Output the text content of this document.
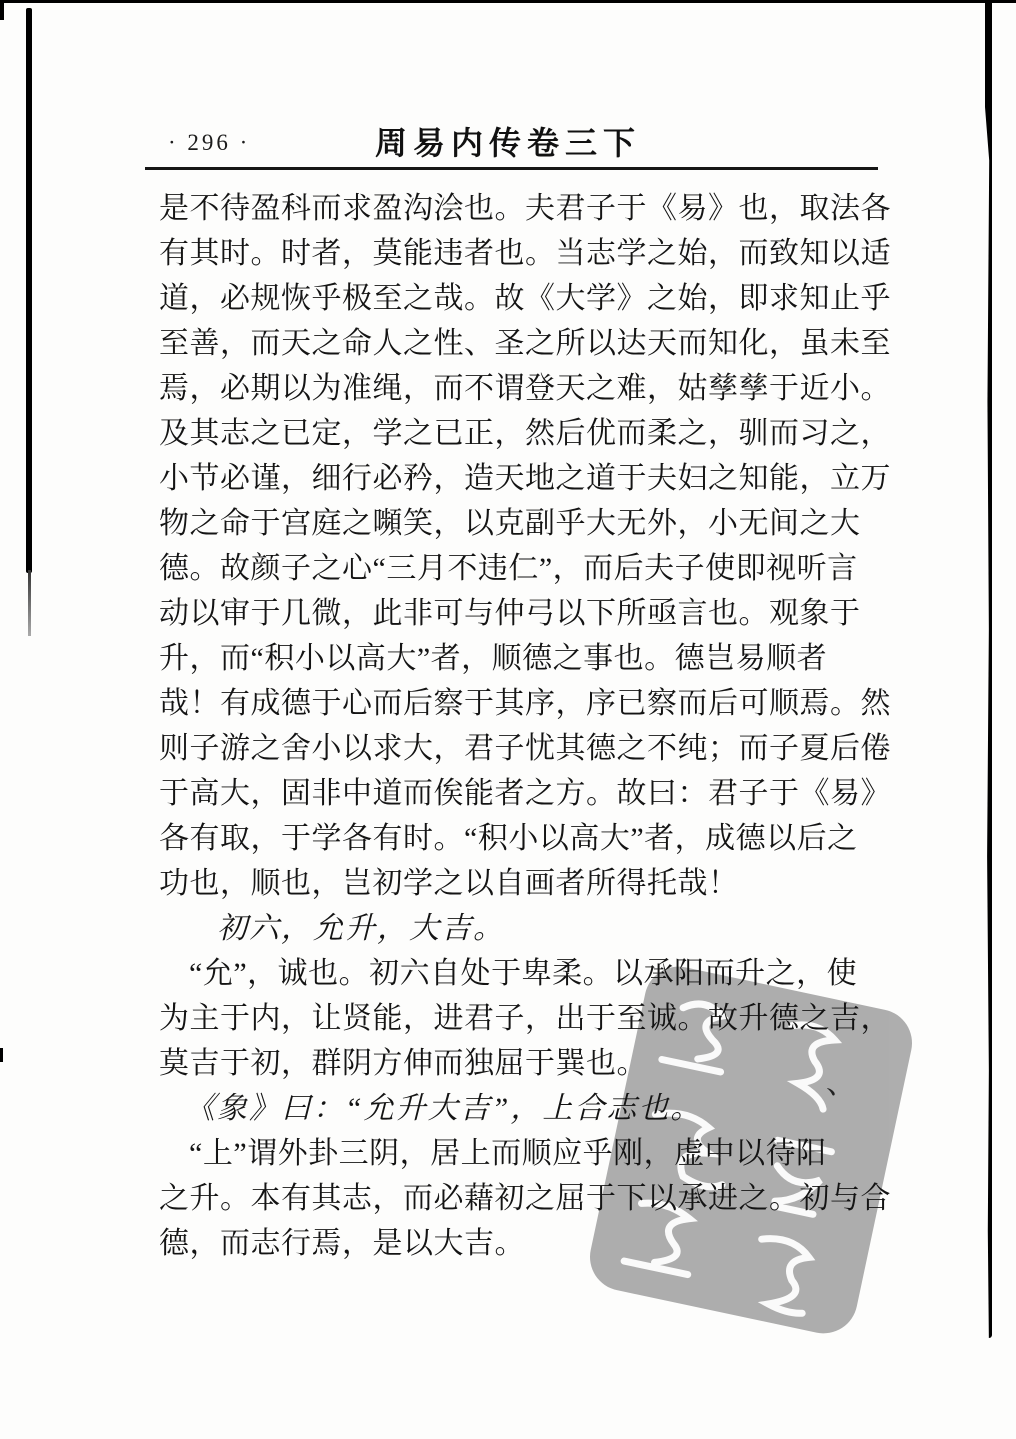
· 296 ·	周易内传卷三下
是不待盈科而求盈沟浍也。夫君子于《易》也，取法各
有其时。时者，莫能违者也。当志学之始，而致知以适
道，必规恢乎极至之哉。故《大学》之始，即求知止乎
至善，而天之命人之性、圣之所以达天而知化，虽未至
焉，必期以为准绳，而不谓登天之难，姑孳孳于近小。
及其志之已定，学之已正，然后优而柔之，驯而习之，
小节必谨，细行必矜，造天地之道于夫妇之知能，立万
物之命于宫庭之嚬笑，以克副乎大无外，小无间之大
德。故颜子之心“三月不违仁”，而后夫子使即视听言
动以审于几微，此非可与仲弓以下所亟言也。观象于
升，而“积小以高大”者，顺德之事也。德岂易顺者
哉！有成德于心而后察于其序，序已察而后可顺焉。然
则子游之舍小以求大，君子忧其德之不纯；而子夏后倦
于高大，固非中道而俟能者之方。故曰：君子于《易》
各有取，于学各有时。“积小以高大”者，成德以后之
功也，顺也，岂初学之以自画者所得托哉！
初六，允升，大吉。
“允”，诚也。初六自处于卑柔。以承阳而升之，使
为主于内，让贤能，进君子，出于至诚。故升德之吉，
莫吉于初，群阴方伸而独屈于巽也。
《象》曰：“允升大吉”，上合志也。
“上”谓外卦三阴，居上而顺应乎刚，虚中以待阳
之升。本有其志，而必藉初之屈于下以承进之。初与合
德，而志行焉，是以大吉。
、
